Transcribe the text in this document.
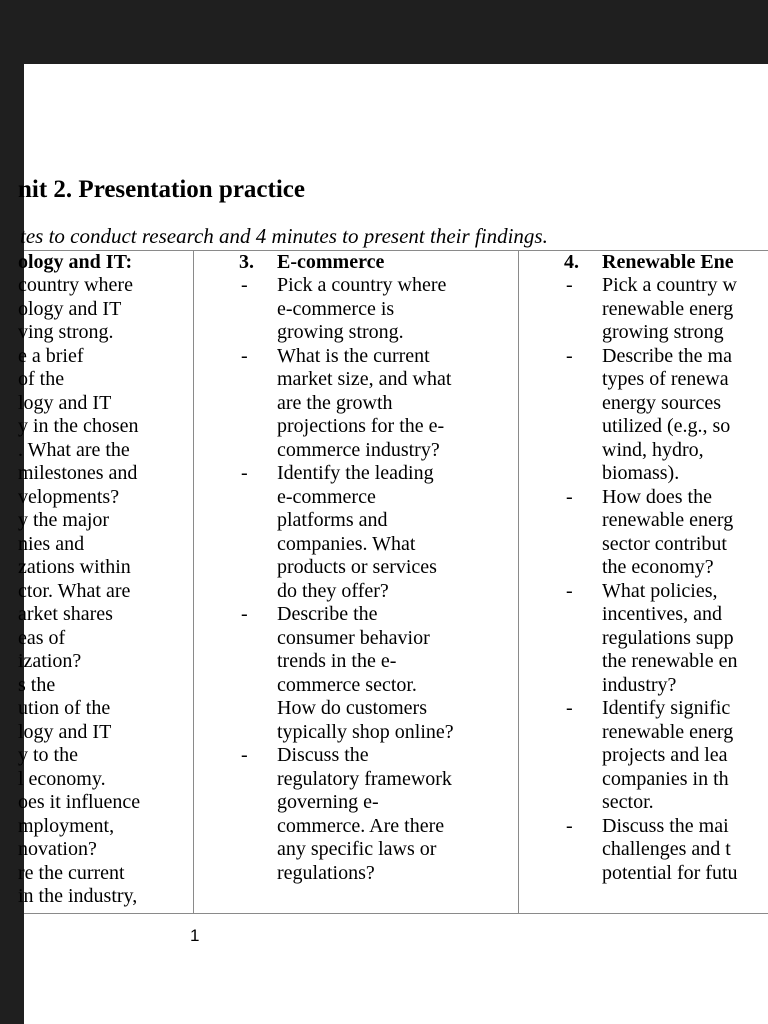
nit 2. Presentation practice
tes to conduct research and 4 minutes to present their findings.
ology and IT:
country where
ology and IT
ving strong.
e a brief
of the
logy and IT
y in the chosen
. What are the
milestones and
velopments?
y the major
nies and
zations within
ctor. What are
arket shares
eas of
ization?
s the
ution of the
logy and IT
y to the
l economy.
oes it influence
mployment,
novation?
re the current
in the industry,
3. E-commerce
- Pick a country where
e-commerce is
growing strong.
- What is the current
market size, and what
are the growth
projections for the e-
commerce industry?
- Identify the leading
e-commerce
platforms and
companies. What
products or services
do they offer?
- Describe the
consumer behavior
trends in the e-
commerce sector.
How do customers
typically shop online?
- Discuss the
regulatory framework
governing e-
commerce. Are there
any specific laws or
regulations?
4. Renewable Ene
- Pick a country w
renewable energ
growing strong
- Describe the ma
types of renewa
energy sources
utilized (e.g., so
wind, hydro,
biomass).
- How does the
renewable energ
sector contribut
the economy?
- What policies,
incentives, and
regulations supp
the renewable en
industry?
- Identify signific
renewable energ
projects and lea
companies in th
sector.
- Discuss the mai
challenges and t
potential for futu
1
